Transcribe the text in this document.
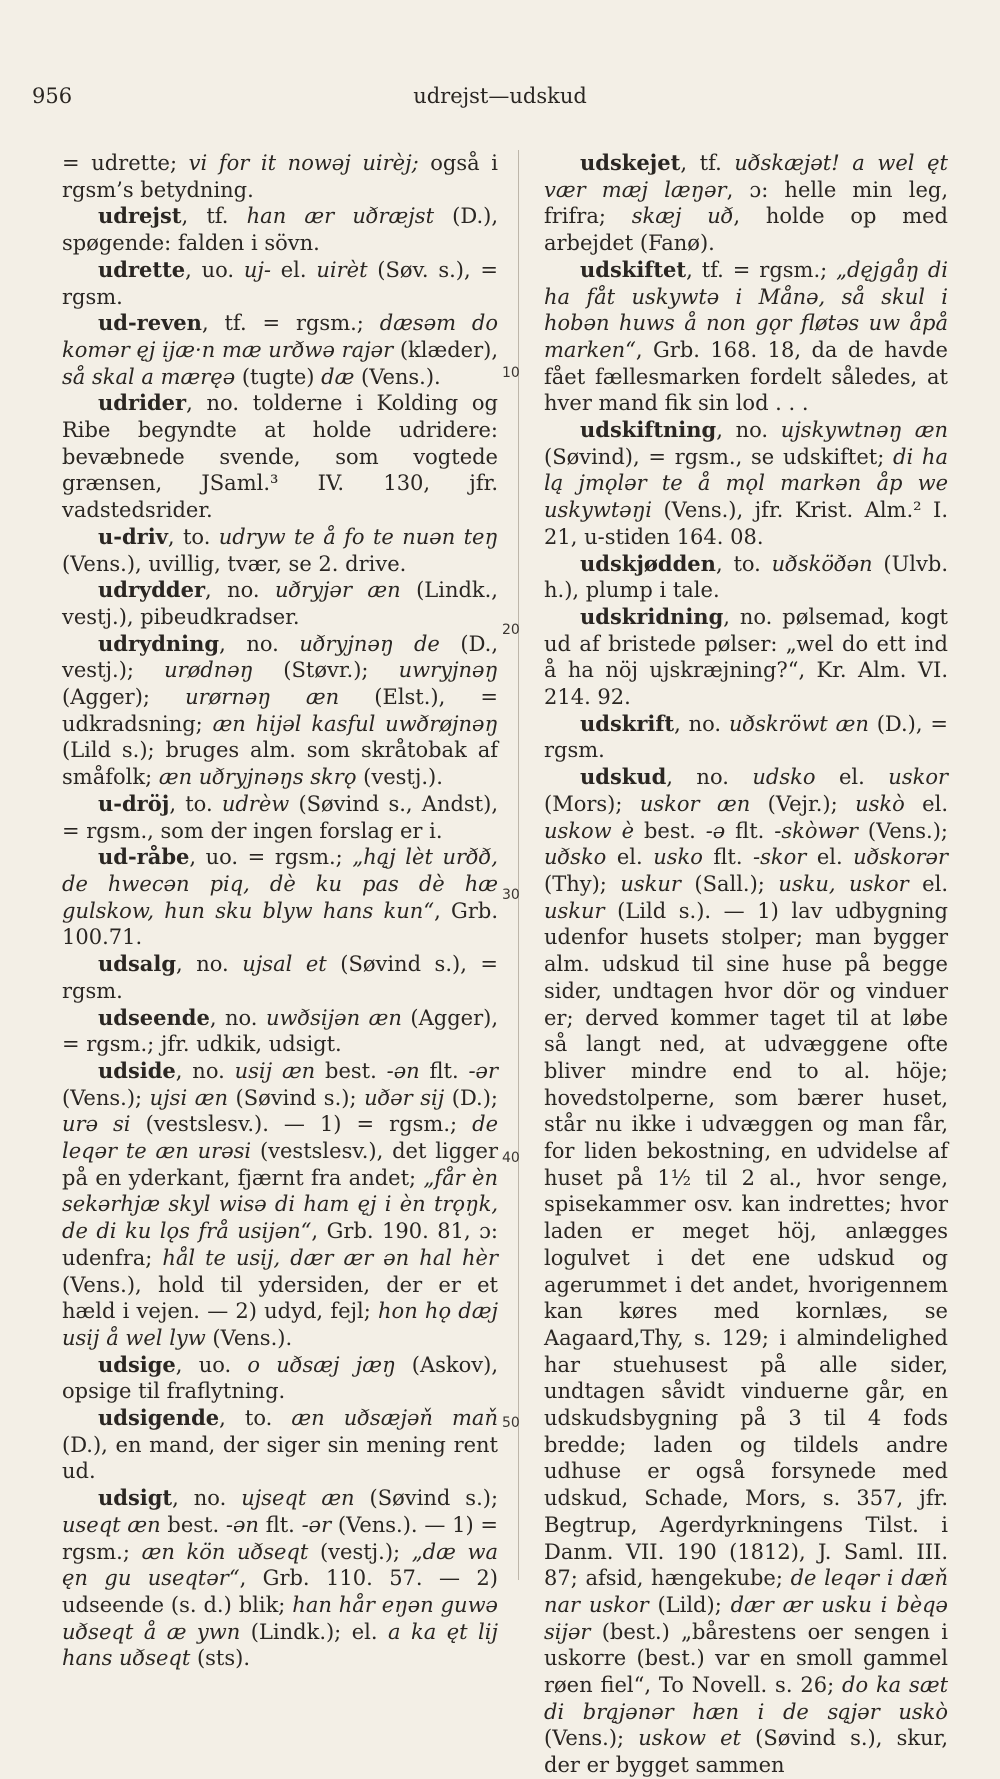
956	udrejst—udskud

= udrette; vi for it nowəj uirèj; også i rgsm’s betydning.

udrejst, tf. han ær uðræjst (D.), spøgende: falden i sövn.

udrette, uo. uj- el. uirèt (Søv. s.), = rgsm.

ud-reven, tf. = rgsm.; dæsəm do komər ęj ijæ·n mæ urðwə rajər (klæder), så skal a mæręə (tugte) dæ (Vens.).

udrider, no. tolderne i Kolding og Ribe begyndte at holde udridere: bevæbnede svende, som vogtede grænsen, JSaml.³ IV. 130, jfr. vadstedsrider.

u-driv, to. udryw te å fo te nuən teŋ (Vens.), uvillig, tvær, se 2. drive.

udrydder, no. uðryjər æn (Lindk., vestj.), pibeudkradser.

udrydning, no. uðryjnəŋ de (D., vestj.); urødnəŋ (Støvr.); uwryjnəŋ (Agger); urørnəŋ æn (Elst.), = udkradsning; æn hijəl kasful uwðrøjnəŋ (Lild s.); bruges alm. som skråtobak af småfolk; æn uðryjnəŋs skrǫ (vestj.).

u-dröj, to. udrèw (Søvind s., Andst), = rgsm., som der ingen forslag er i.

ud-råbe, uo. = rgsm.; „hąj lèt urðð, de hwecən piq, dè ku pas dè hæ gulskow, hun sku blyw hans kun“, Grb. 100.71.

udsalg, no. ujsal et (Søvind s.), = rgsm.

udseende, no. uwðsijən æn (Agger), = rgsm.; jfr. udkik, udsigt.

udside, no. usij æn best. -ən flt. -ər (Vens.); ujsi æn (Søvind s.); uðər sij (D.); urə si (vestslesv.). — 1) = rgsm.; de leqər te æn urəsi (vestslesv.), det ligger på en yderkant, fjærnt fra andet; „får èn sekərhjæ skyl wisə di ham ęj i èn trǫŋk, de di ku lǫs frå usijən“, Grb. 190. 81, ɔ: udenfra; hål te usij, dær ær ən hal hèr (Vens.), hold til ydersiden, der er et hæld i vejen. — 2) udyd, fejl; hon hǫ dæj usij å wel lyw (Vens.).

udsige, uo. o uðsæj jæŋ (Askov), opsige til fraflytning.

udsigende, to. æn uðsæjəň maň (D.), en mand, der siger sin mening rent ud.

udsigt, no. ujseqt æn (Søvind s.); useqt æn best. -ən flt. -ər (Vens.). — 1) = rgsm.; æn kön uðseqt (vestj.); „dæ wa ęn gu useqtər“, Grb. 110. 57. — 2) udseende (s. d.) blik; han hår eŋən guwə uðseqt å æ ywn (Lindk.); el. a ka ęt lij hans uðseqt (sts).

udskejet, tf. uðskæjət! a wel ęt vær mæj læŋər, ɔ: helle min leg, frifra; skæj uð, holde op med arbejdet (Fanø).

udskiftet, tf. = rgsm.; „dęjgåŋ di ha fåt uskywtə i Månə, så skul i hobən huws å non gǫr fløtəs uw åpå marken“, Grb. 168. 18, da de havde fået fællesmarken fordelt således, at hver mand fik sin lod . . .

udskiftning, no. ujskywtnəŋ æn (Søvind), = rgsm., se udskiftet; di ha lą jmǫlər te å mǫl markən åp we uskywtəŋi (Vens.), jfr. Krist. Alm.² I. 21, u-stiden 164. 08.

udskjødden, to. uðsköðən (Ulvb. h.), plump i tale.

udskridning, no. pølsemad, kogt ud af bristede pølser: „wel do ett ind å ha nöj ujskræjning?“, Kr. Alm. VI. 214. 92.

udskrift, no. uðskröwt æn (D.), = rgsm.

udskud, no. udsko el. uskor (Mors); uskor æn (Vejr.); uskò el. uskow è best. -ə flt. -skòwər (Vens.); uðsko el. usko flt. -skor el. uðskorər (Thy); uskur (Sall.); usku, uskor el. uskur (Lild s.). — 1) lav udbygning udenfor husets stolper; man bygger alm. udskud til sine huse på begge sider, undtagen hvor dör og vinduer er; derved kommer taget til at løbe så langt ned, at udvæggene ofte bliver mindre end to al. höje; hovedstolperne, som bærer huset, står nu ikke i udvæggen og man får, for liden bekostning, en udvidelse af huset på 1½ til 2 al., hvor senge, spisekammer osv. kan indrettes; hvor laden er meget höj, anlægges logulvet i det ene udskud og agerummet i det andet, hvorigennem kan køres med kornlæs, se Aagaard,Thy, s. 129; i almindelighed har stuehusest på alle sider, undtagen såvidt vinduerne går, en udskudsbygning på 3 til 4 fods bredde; laden og tildels andre udhuse er også forsynede med udskud, Schade, Mors, s. 357, jfr. Begtrup, Agerdyrkningens Tilst. i Danm. VII. 190 (1812), J. Saml. III. 87; afsid, hængekube; de leqər i dæň nar uskor (Lild); dær ær usku i bèqə sijər (best.) „bårestens oer sengen i uskorre (best.) var en smoll gammel røen fiel“, To Novell. s. 26; do ka sæt di brąjənər hæn i de sąjər uskò (Vens.); uskow et (Søvind s.), skur, der er bygget sammen

10
20
30
40
50
